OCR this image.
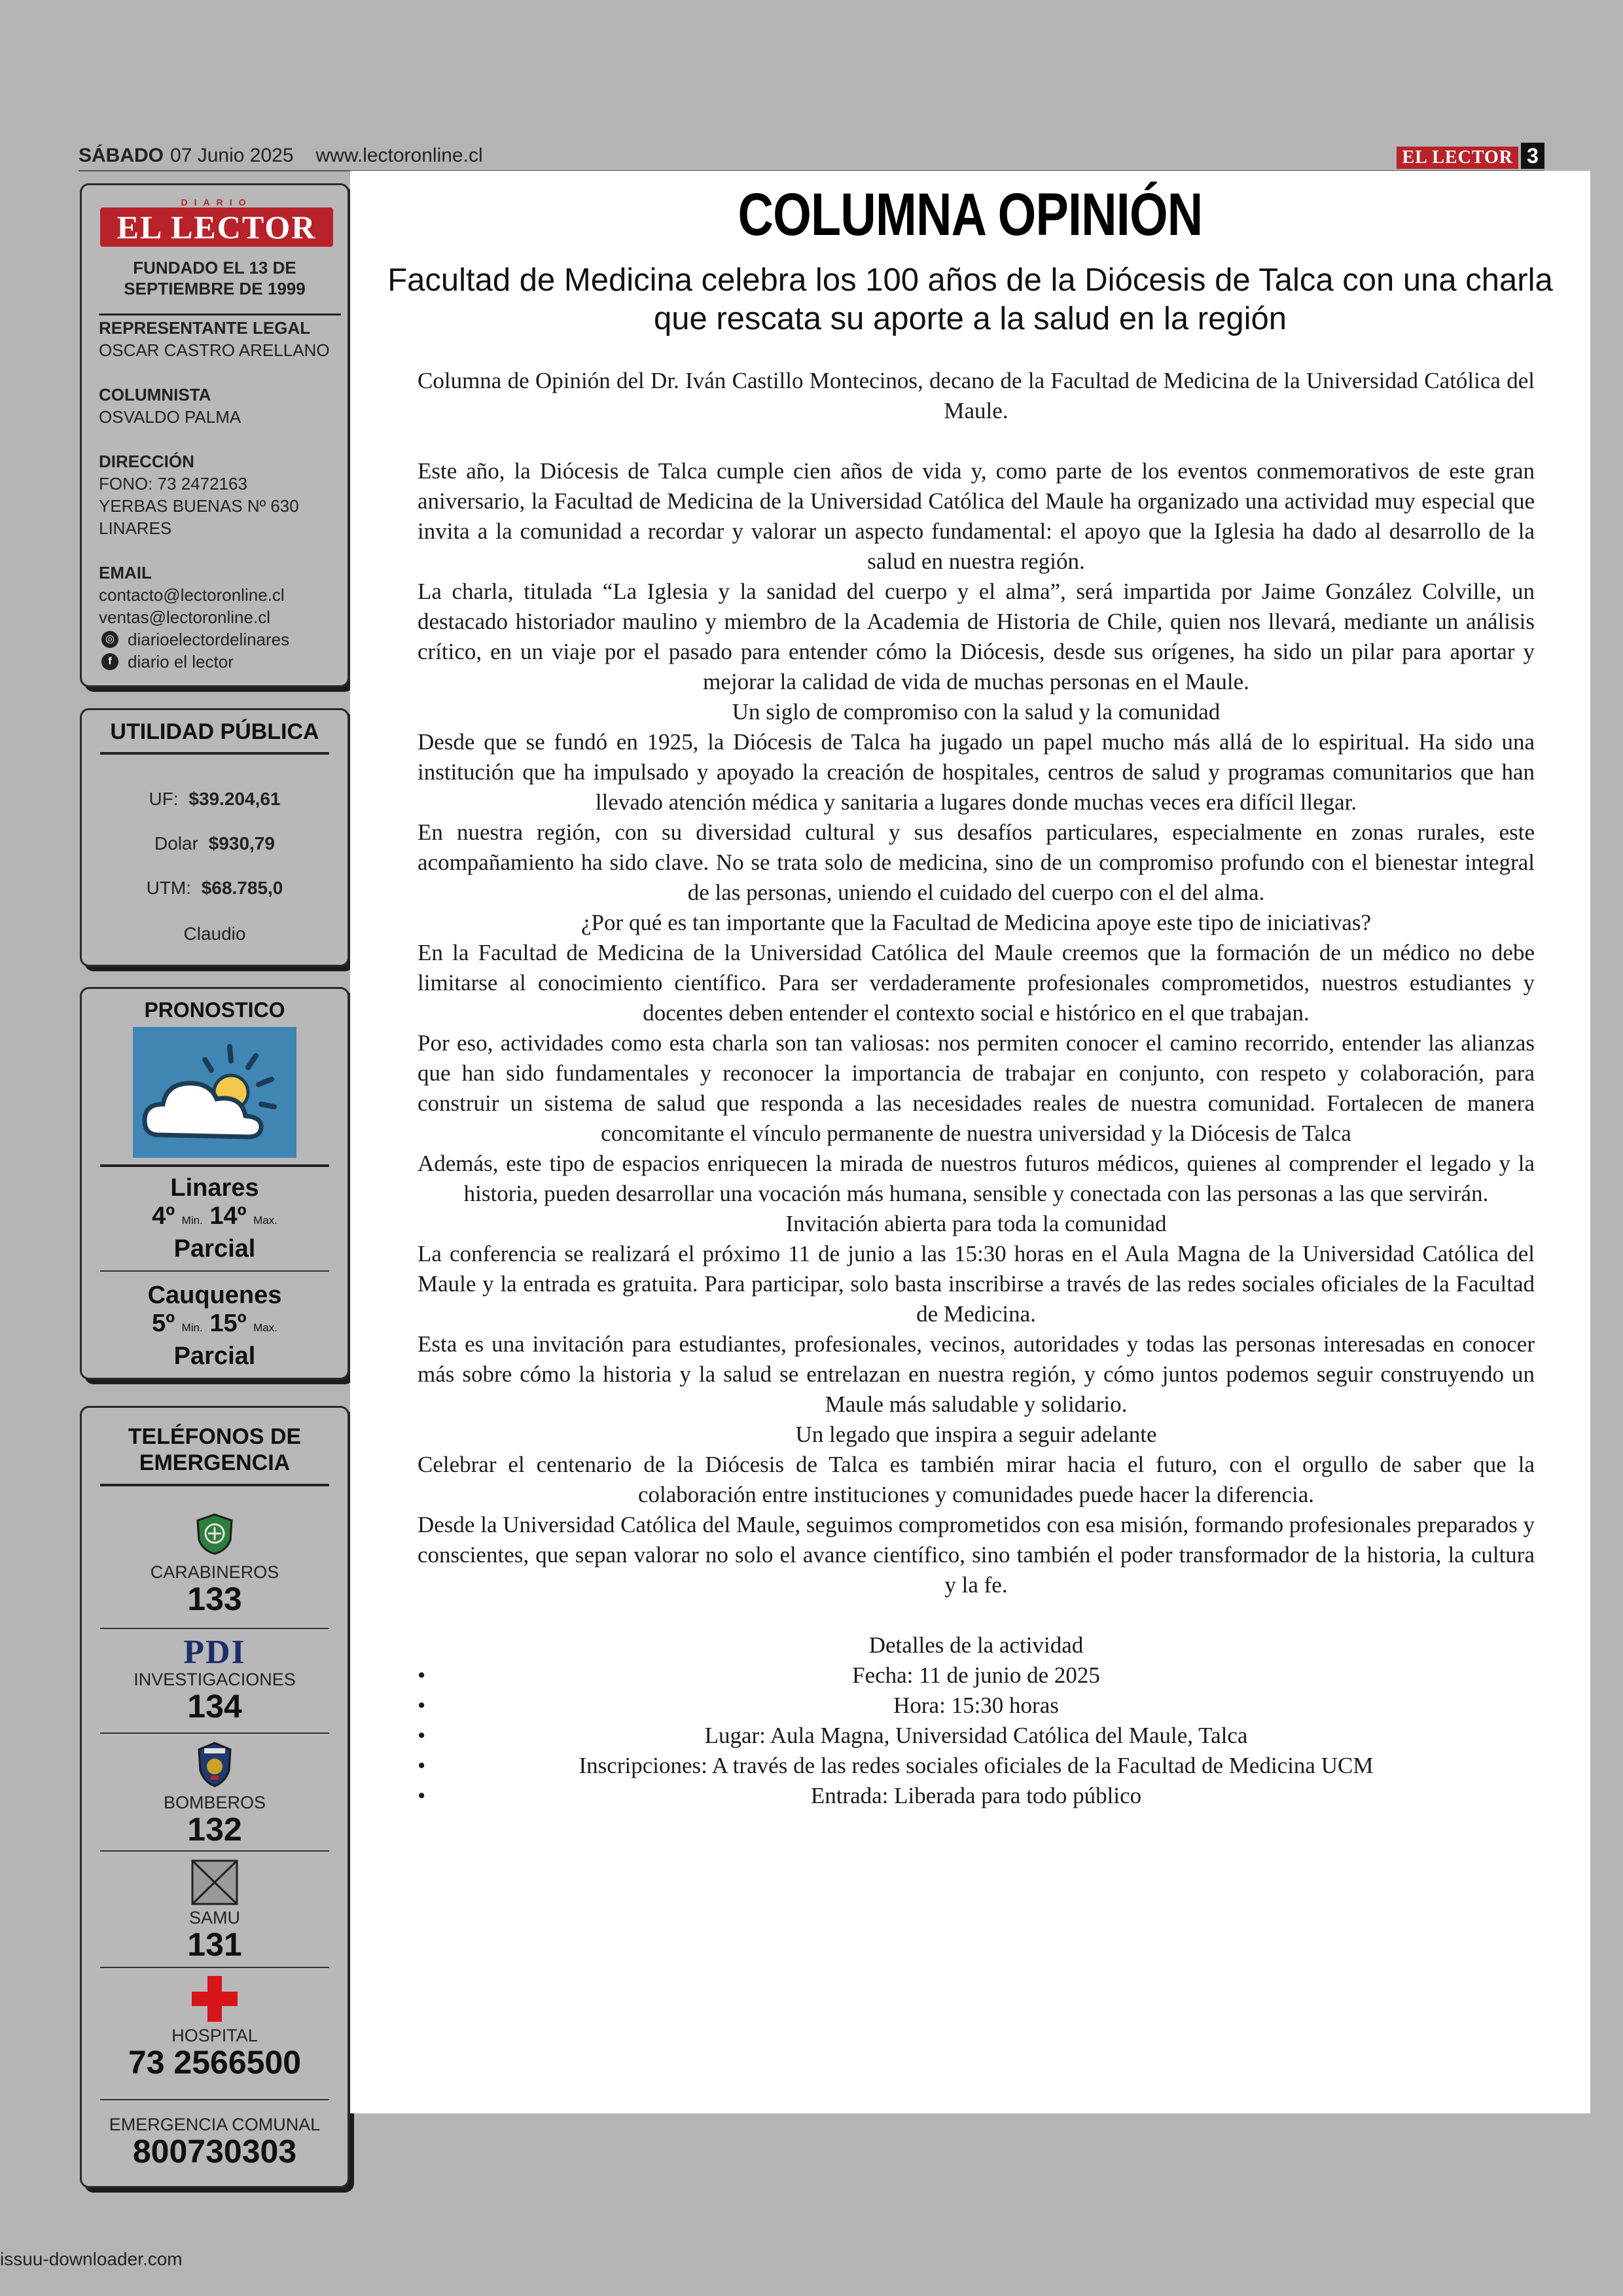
SÁBADO 07 Junio 2025 www.lectoronline.cl	EL LECTOR 3
DIARIO
EL LECTOR
FUNDADO EL 13 DE
SEPTIEMBRE DE 1999
REPRESENTANTE LEGAL
OSCAR CASTRO ARELLANO
COLUMNISTA
OSVALDO PALMA
DIRECCIÓN
FONO: 73 2472163
YERBAS BUENAS Nº 630
LINARES
EMAIL
contacto@lectoronline.cl
ventas@lectoronline.cl
◎ diarioelectordelinares
f diario el lector
UTILIDAD PÚBLICA
UF: $39.204,61
Dolar $930,79
UTM: $68.785,0
Claudio
PRONOSTICO
Linares
4º Min. 14º Max.
Parcial
Cauquenes
5º Min. 15º Max.
Parcial
TELÉFONOS DE
EMERGENCIA
CARABINEROS
133
PDI
INVESTIGACIONES
134
BOMBEROS
132
SAMU
131
HOSPITAL
73 2566500
EMERGENCIA COMUNAL
800730303
COLUMNA OPINIÓN
Facultad de Medicina celebra los 100 años de la Diócesis de Talca con una charla que rescata su aporte a la salud en la región

Columna de Opinión del Dr. Iván Castillo Montecinos, decano de la Facultad de Medicina de la Universidad Católica del Maule.

Este año, la Diócesis de Talca cumple cien años de vida y, como parte de los eventos conmemorativos de este gran aniversario, la Facultad de Medicina de la Universidad Católica del Maule ha organizado una actividad muy especial que invita a la comunidad a recordar y valorar un aspecto fundamental: el apoyo que la Iglesia ha dado al desarrollo de la salud en nuestra región.

La charla, titulada “La Iglesia y la sanidad del cuerpo y el alma”, será impartida por Jaime González Colville, un destacado historiador maulino y miembro de la Academia de Historia de Chile, quien nos llevará, mediante un análisis crítico, en un viaje por el pasado para entender cómo la Diócesis, desde sus orígenes, ha sido un pilar para aportar y mejorar la calidad de vida de muchas personas en el Maule.

Un siglo de compromiso con la salud y la comunidad

Desde que se fundó en 1925, la Diócesis de Talca ha jugado un papel mucho más allá de lo espiritual. Ha sido una institución que ha impulsado y apoyado la creación de hospitales, centros de salud y programas comunitarios que han llevado atención médica y sanitaria a lugares donde muchas veces era difícil llegar.

En nuestra región, con su diversidad cultural y sus desafíos particulares, especialmente en zonas rurales, este acompañamiento ha sido clave. No se trata solo de medicina, sino de un compromiso profundo con el bienestar integral de las personas, uniendo el cuidado del cuerpo con el del alma.

¿Por qué es tan importante que la Facultad de Medicina apoye este tipo de iniciativas?

En la Facultad de Medicina de la Universidad Católica del Maule creemos que la formación de un médico no debe limitarse al conocimiento científico. Para ser verdaderamente profesionales comprometidos, nuestros estudiantes y docentes deben entender el contexto social e histórico en el que trabajan.

Por eso, actividades como esta charla son tan valiosas: nos permiten conocer el camino recorrido, entender las alianzas que han sido fundamentales y reconocer la importancia de trabajar en conjunto, con respeto y colaboración, para construir un sistema de salud que responda a las necesidades reales de nuestra comunidad. Fortalecen de manera concomitante el vínculo permanente de nuestra universidad y la Diócesis de Talca

Además, este tipo de espacios enriquecen la mirada de nuestros futuros médicos, quienes al comprender el legado y la historia, pueden desarrollar una vocación más humana, sensible y conectada con las personas a las que servirán.

Invitación abierta para toda la comunidad

La conferencia se realizará el próximo 11 de junio a las 15:30 horas en el Aula Magna de la Universidad Católica del Maule y la entrada es gratuita. Para participar, solo basta inscribirse a través de las redes sociales oficiales de la Facultad de Medicina.

Esta es una invitación para estudiantes, profesionales, vecinos, autoridades y todas las personas interesadas en conocer más sobre cómo la historia y la salud se entrelazan en nuestra región, y cómo juntos podemos seguir construyendo un Maule más saludable y solidario.

Un legado que inspira a seguir adelante

Celebrar el centenario de la Diócesis de Talca es también mirar hacia el futuro, con el orgullo de saber que la colaboración entre instituciones y comunidades puede hacer la diferencia.

Desde la Universidad Católica del Maule, seguimos comprometidos con esa misión, formando profesionales preparados y conscientes, que sepan valorar no solo el avance científico, sino también el poder transformador de la historia, la cultura y la fe.

Detalles de la actividad

• Fecha: 11 de junio de 2025
• Hora: 15:30 horas
• Lugar: Aula Magna, Universidad Católica del Maule, Talca
• Inscripciones: A través de las redes sociales oficiales de la Facultad de Medicina UCM
• Entrada: Liberada para todo público
issuu-downloader.com
